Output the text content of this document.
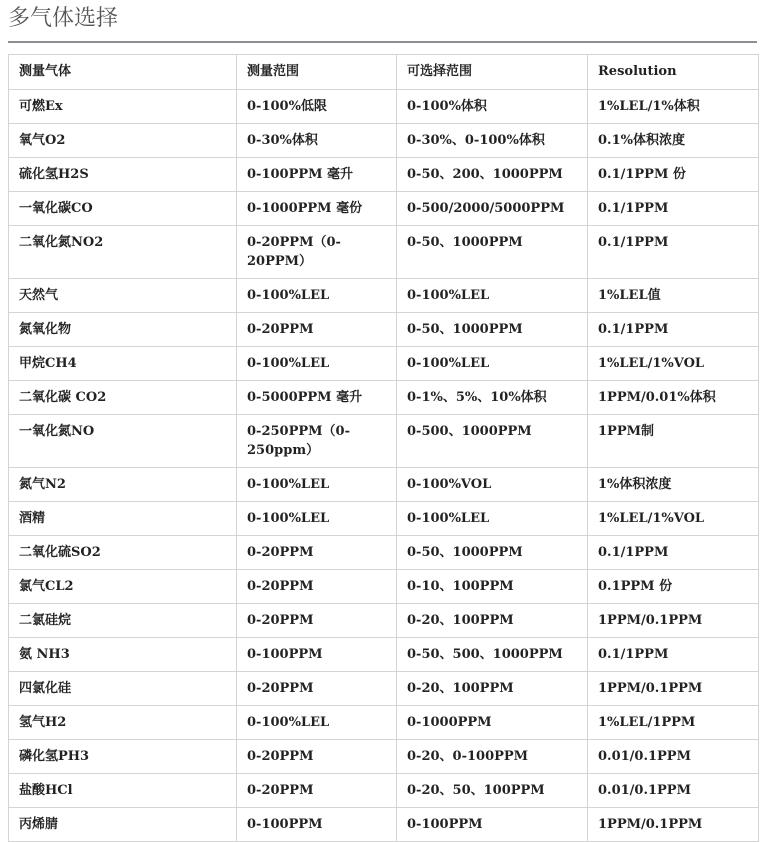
多气体选择
测量气体	测量范围	可选择范围	Resolution
可燃Ex	0-100%低限	0-100%体积	1%LEL/1%体积
氧气O2	0-30%体积	0-30%、0-100%体积	0.1%体积浓度
硫化氢H2S	0-100PPM 毫升	0-50、200、1000PPM	0.1/1PPM 份
一氧化碳CO	0-1000PPM 毫份	0-500/2000/5000PPM	0.1/1PPM
二氧化氮NO2	0-20PPM（0-20PPM）	0-50、1000PPM	0.1/1PPM
天然气	0-100%LEL	0-100%LEL	1%LEL值
氮氧化物	0-20PPM	0-50、1000PPM	0.1/1PPM
甲烷CH4	0-100%LEL	0-100%LEL	1%LEL/1%VOL
二氧化碳 CO2	0-5000PPM 毫升	0-1%、5%、10%体积	1PPM/0.01%体积
一氧化氮NO	0-250PPM（0-250ppm）	0-500、1000PPM	1PPM制
氮气N2	0-100%LEL	0-100%VOL	1%体积浓度
酒精	0-100%LEL	0-100%LEL	1%LEL/1%VOL
二氧化硫SO2	0-20PPM	0-50、1000PPM	0.1/1PPM
氯气CL2	0-20PPM	0-10、100PPM	0.1PPM 份
二氯硅烷	0-20PPM	0-20、100PPM	1PPM/0.1PPM
氨 NH3	0-100PPM	0-50、500、1000PPM	0.1/1PPM
四氯化硅	0-20PPM	0-20、100PPM	1PPM/0.1PPM
氢气H2	0-100%LEL	0-1000PPM	1%LEL/1PPM
磷化氢PH3	0-20PPM	0-20、0-100PPM	0.01/0.1PPM
盐酸HCl	0-20PPM	0-20、50、100PPM	0.01/0.1PPM
丙烯腈	0-100PPM	0-100PPM	1PPM/0.1PPM
